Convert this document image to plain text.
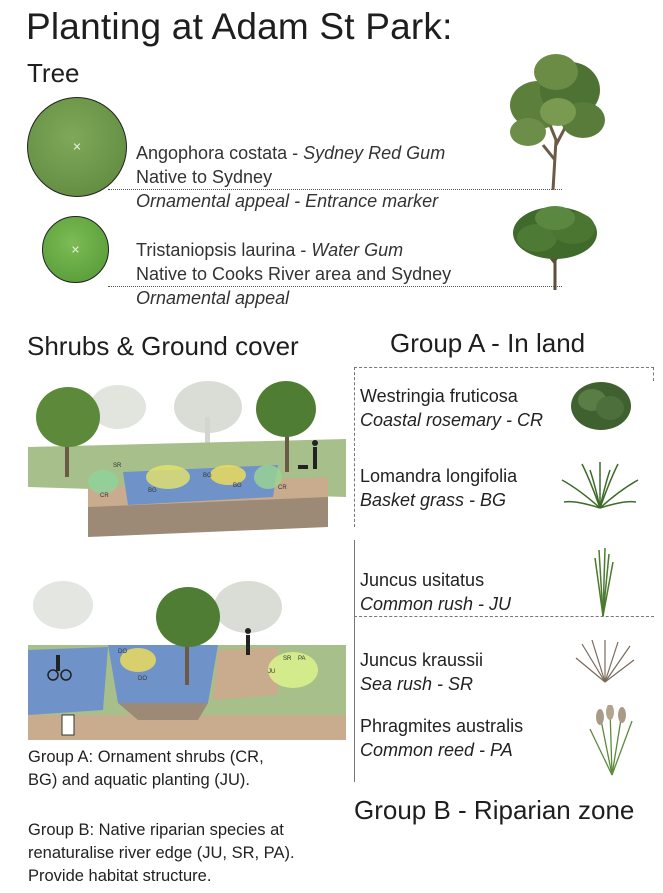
Planting at Adam St Park:
Tree
✕	Angophora costata - Sydney Red Gum
Native to Sydney
Ornamental appeal - Entrance marker
✕	Tristaniopsis laurina - Water Gum
Native to Cooks River area and Sydney
Ornamental appeal
Shrubs & Ground cover	Group A - In land
SR
CR
BG
BG
BG	CR
DO
DO
SR PA
JU
Group A: Ornament shrubs (CR,
BG) and aquatic planting (JU).
Group B: Native riparian species at
renaturalise river edge (JU, SR, PA).
Provide habitat structure.
Westringia fruticosa
Coastal rosemary - CR
Lomandra longifolia
Basket grass - BG
Juncus usitatus
Common rush - JU
Juncus kraussii
Sea rush - SR
Phragmites australis
Common reed - PA
Group B - Riparian zone
